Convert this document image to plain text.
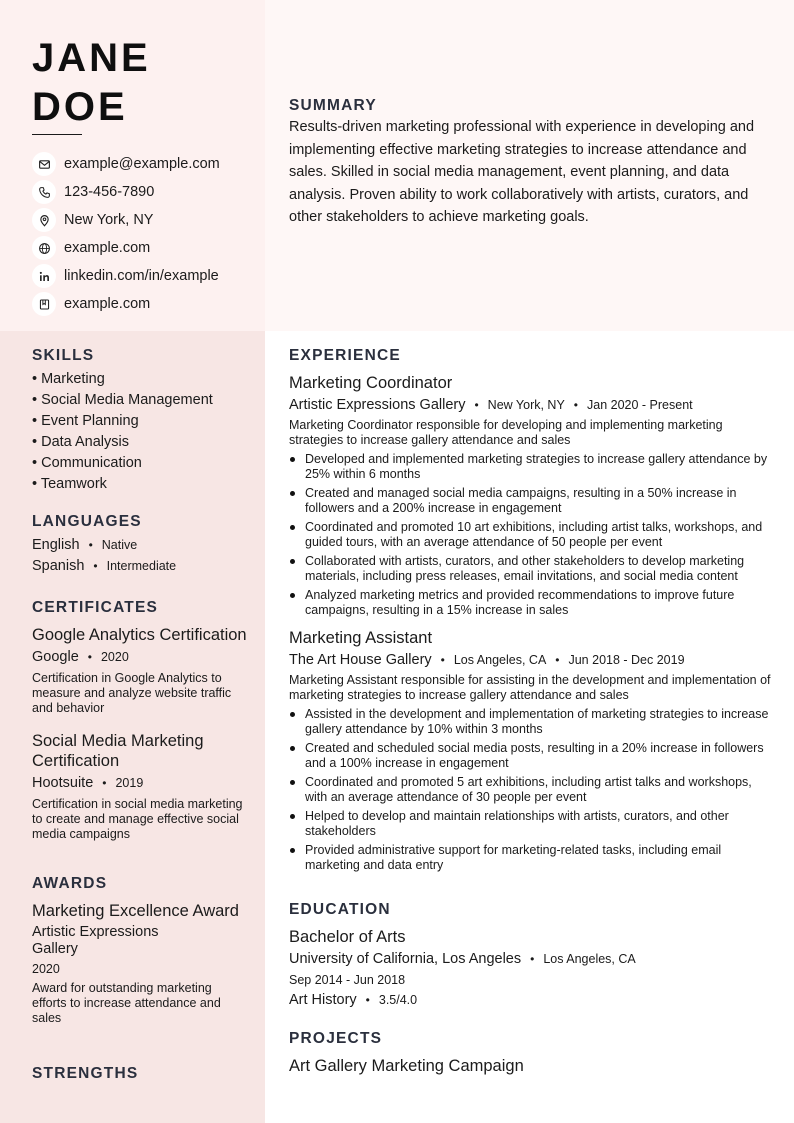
JANE
DOE
example@example.com
123-456-7890
New York, NY
example.com
linkedin.com/in/example
example.com
SUMMARY
Results-driven marketing professional with experience in developing and implementing effective marketing strategies to increase attendance and sales. Skilled in social media management, event planning, and data analysis. Proven ability to work collaboratively with artists, curators, and other stakeholders to achieve marketing goals.
SKILLS
• Marketing
• Social Media Management
• Event Planning
• Data Analysis
• Communication
• Teamwork
LANGUAGES
English • Native
Spanish • Intermediate
CERTIFICATES
Google Analytics Certification
Google • 2020
Certification in Google Analytics to measure and analyze website traffic and behavior
Social Media Marketing Certification
Hootsuite • 2019
Certification in social media marketing to create and manage effective social media campaigns
AWARDS
Marketing Excellence Award
Artistic Expressions Gallery
2020
Award for outstanding marketing efforts to increase attendance and sales
STRENGTHS
EXPERIENCE
Marketing Coordinator
Artistic Expressions Gallery • New York, NY • Jan 2020 - Present
Marketing Coordinator responsible for developing and implementing marketing strategies to increase gallery attendance and sales
Developed and implemented marketing strategies to increase gallery attendance by 25% within 6 months
Created and managed social media campaigns, resulting in a 50% increase in followers and a 200% increase in engagement
Coordinated and promoted 10 art exhibitions, including artist talks, workshops, and guided tours, with an average attendance of 50 people per event
Collaborated with artists, curators, and other stakeholders to develop marketing materials, including press releases, email invitations, and social media content
Analyzed marketing metrics and provided recommendations to improve future campaigns, resulting in a 15% increase in sales
Marketing Assistant
The Art House Gallery • Los Angeles, CA • Jun 2018 - Dec 2019
Marketing Assistant responsible for assisting in the development and implementation of marketing strategies to increase gallery attendance and sales
Assisted in the development and implementation of marketing strategies to increase gallery attendance by 10% within 3 months
Created and scheduled social media posts, resulting in a 20% increase in followers and a 100% increase in engagement
Coordinated and promoted 5 art exhibitions, including artist talks and workshops, with an average attendance of 30 people per event
Helped to develop and maintain relationships with artists, curators, and other stakeholders
Provided administrative support for marketing-related tasks, including email marketing and data entry
EDUCATION
Bachelor of Arts
University of California, Los Angeles • Los Angeles, CA
Sep 2014 - Jun 2018
Art History • 3.5/4.0
PROJECTS
Art Gallery Marketing Campaign
